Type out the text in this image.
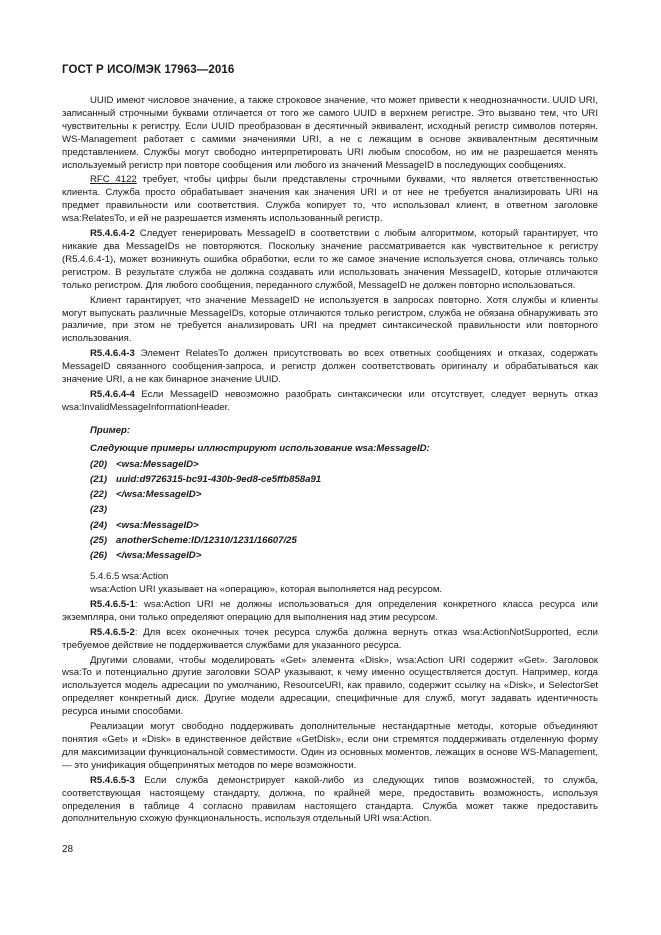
ГОСТ Р ИСО/МЭК 17963—2016

UUID имеют числовое значение, а также строковое значение, что может привести к неоднозначности. UUID URI, записанный строчными буквами отличается от того же самого UUID в верхнем регистре. Это вызвано тем, что URI чувствительны к регистру. Если UUID преобразован в десятичный эквивалент, исходный регистр символов потерян. WS-Management работает с самими значениями URI, а не с лежащим в основе эквивалентным десятичным представлением. Службы могут свободно интерпретировать URI любым способом, но им не разрешается менять используемый регистр при повторе сообщения или любого из значений MessageID в последующих сообщениях.

RFC 4122 требует, чтобы цифры были представлены строчными буквами, что является ответственностью клиента. Служба просто обрабатывает значения как значения URI и от нее не требуется анализировать URI на предмет правильности или соответствия. Служба копирует то, что использовал клиент, в ответном заголовке wsa:RelatesTo, и ей не разрешается изменять использованный регистр.

R5.4.6.4-2 Следует генерировать MessageID в соответствии с любым алгоритмом, который гарантирует, что никакие два MessageIDs не повторяются. Поскольку значение рассматривается как чувствительное к регистру (R5.4.6.4-1), может возникнуть ошибка обработки, если то же самое значение используется снова, отличаясь только регистром. В результате служба не должна создавать или использовать значения MessageID, которые отличаются только регистром. Для любого сообщения, переданного службой, MessageID не должен повторно использоваться.

Клиент гарантирует, что значение MessageID не используется в запросах повторно. Хотя службы и клиенты могут выпускать различные MessageIDs, которые отличаются только регистром, служба не обязана обнаруживать это различие, при этом не требуется анализировать URI на предмет синтаксической правильности или повторного использования.

R5.4.6.4-3 Элемент RelatesTo должен присутствовать во всех ответных сообщениях и отказах, содержать MessageID связанного сообщения-запроса, и регистр должен соответствовать оригиналу и обрабатываться как значение URI, а не как бинарное значение UUID.

R5.4.6.4-4 Если MessageID невозможно разобрать синтаксически или отсутствует, следует вернуть отказ wsa:InvalidMessageInformationHeader.

Пример:
Следующие примеры иллюстрируют использование wsa:MessageID:
(20) <wsa:MessageID>
(21) uuid:d9726315-bc91-430b-9ed8-ce5ffb858a91
(22) </wsa:MessageID>
(23)
(24) <wsa:MessageID>
(25) anotherScheme:ID/12310/1231/16607/25
(26) </wsa:MessageID>

5.4.6.5 wsa:Action

wsa:Action URI указывает на «операцию», которая выполняется над ресурсом.

R5.4.6.5-1: wsa:Action URI не должны использоваться для определения конкретного класса ресурса или экземпляра, они только определяют операцию для выполнения над этим ресурсом.

R5.4.6.5-2: Для всех оконечных точек ресурса служба должна вернуть отказ wsa:ActionNotSupported, если требуемое действие не поддерживается службами для указанного ресурса.

Другими словами, чтобы моделировать «Get» элемента «Disk», wsa:Action URI содержит «Get». Заголовок wsa:To и потенциально другие заголовки SOAP указывают, к чему именно осуществляется доступ. Например, когда используется модель адресации по умолчанию, ResourceURI, как правило, содержит ссылку на «Disk», и SelectorSet определяет конкретный диск. Другие модели адресации, специфичные для служб, могут задавать идентичность ресурса иными способами.

Реализации могут свободно поддерживать дополнительные нестандартные методы, которые объединяют понятия «Get» и «Disk» в единственное действие «GetDisk», если они стремятся поддерживать отделенную форму для максимизации функциональной совместимости. Один из основных моментов, лежащих в основе WS-Management,— это унификация общепринятых методов по мере возможности.

R5.4.6.5-3 Если служба демонстрирует какой-либо из следующих типов возможностей, то служба, соответствующая настоящему стандарту, должна, по крайней мере, предоставить возможность, используя определения в таблице 4 согласно правилам настоящего стандарта. Служба может также предоставить дополнительную схожую функциональность, используя отдельный URI wsa:Action.

28
